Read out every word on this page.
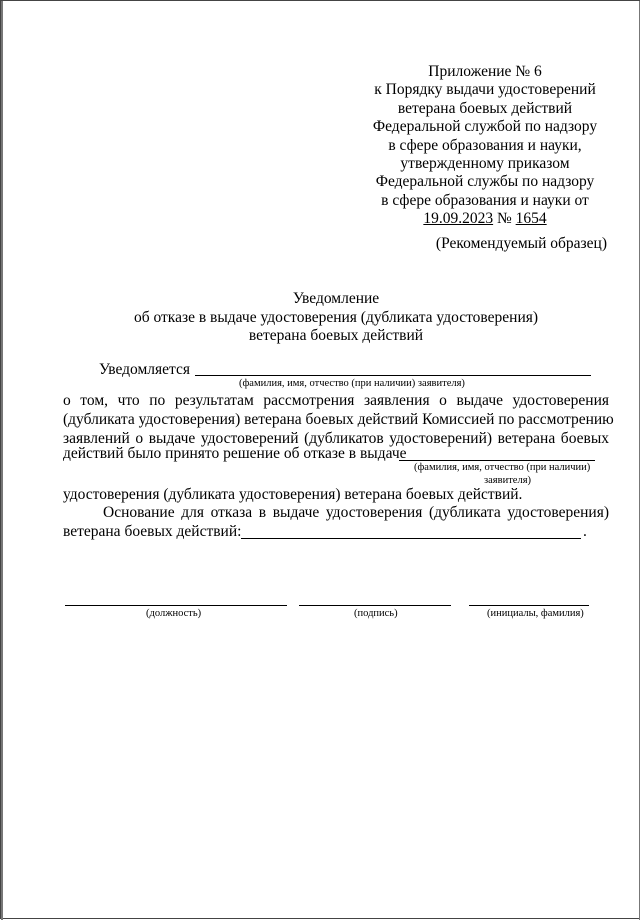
Приложение № 6
к Порядку выдачи удостоверений
ветерана боевых действий
Федеральной службой по надзору
в сфере образования и науки,
утвержденному приказом
Федеральной службы по надзору
в сфере образования и науки от
19.09.2023 № 1654
(Рекомендуемый образец)
Уведомление
об отказе в выдаче удостоверения (дубликата удостоверения)
ветерана боевых действий
Уведомляется
(фамилия, имя, отчество (при наличии) заявителя)
о том, что по результатам рассмотрения заявления о выдаче удостоверения
(дубликата удостоверения) ветерана боевых действий Комиссией по рассмотрению
заявлений о выдаче удостоверений (дубликатов удостоверений) ветерана боевых
действий было принято решение об отказе в выдаче
(фамилия, имя, отчество (при наличии)
заявителя)
удостоверения (дубликата удостоверения) ветерана боевых действий.
Основание для отказа в выдаче удостоверения (дубликата удостоверения)
ветерана боевых действий:	.
(должность)	(подпись)	(инициалы, фамилия)
